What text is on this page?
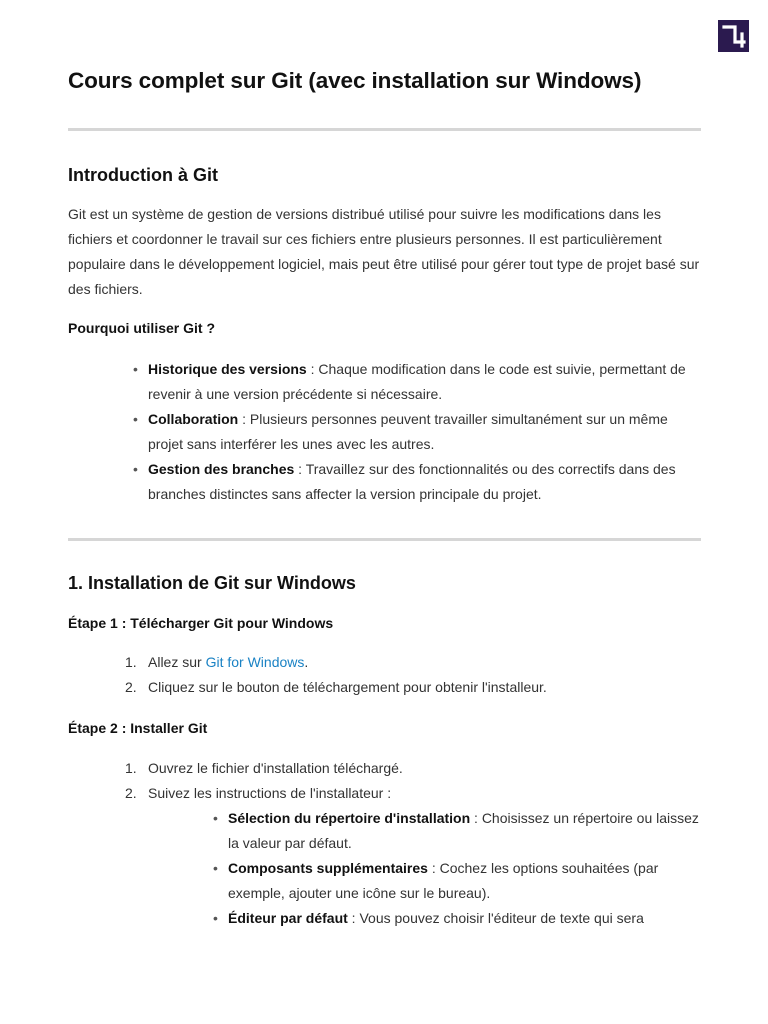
Cours complet sur Git (avec installation sur Windows)
Introduction à Git

Git est un système de gestion de versions distribué utilisé pour suivre les modifications dans les fichiers et coordonner le travail sur ces fichiers entre plusieurs personnes. Il est particulièrement populaire dans le développement logiciel, mais peut être utilisé pour gérer tout type de projet basé sur des fichiers.

Pourquoi utiliser Git ?
• Historique des versions : Chaque modification dans le code est suivie, permettant de revenir à une version précédente si nécessaire.
• Collaboration : Plusieurs personnes peuvent travailler simultanément sur un même projet sans interférer les unes avec les autres.
• Gestion des branches : Travaillez sur des fonctionnalités ou des correctifs dans des branches distinctes sans affecter la version principale du projet.
1. Installation de Git sur Windows
Étape 1 : Télécharger Git pour Windows
1. Allez sur Git for Windows.
2. Cliquez sur le bouton de téléchargement pour obtenir l'installeur.
Étape 2 : Installer Git
1. Ouvrez le fichier d'installation téléchargé.
2. Suivez les instructions de l'installateur :
• Sélection du répertoire d'installation : Choisissez un répertoire ou laissez la valeur par défaut.
• Composants supplémentaires : Cochez les options souhaitées (par exemple, ajouter une icône sur le bureau).
• Éditeur par défaut : Vous pouvez choisir l'éditeur de texte qui sera
